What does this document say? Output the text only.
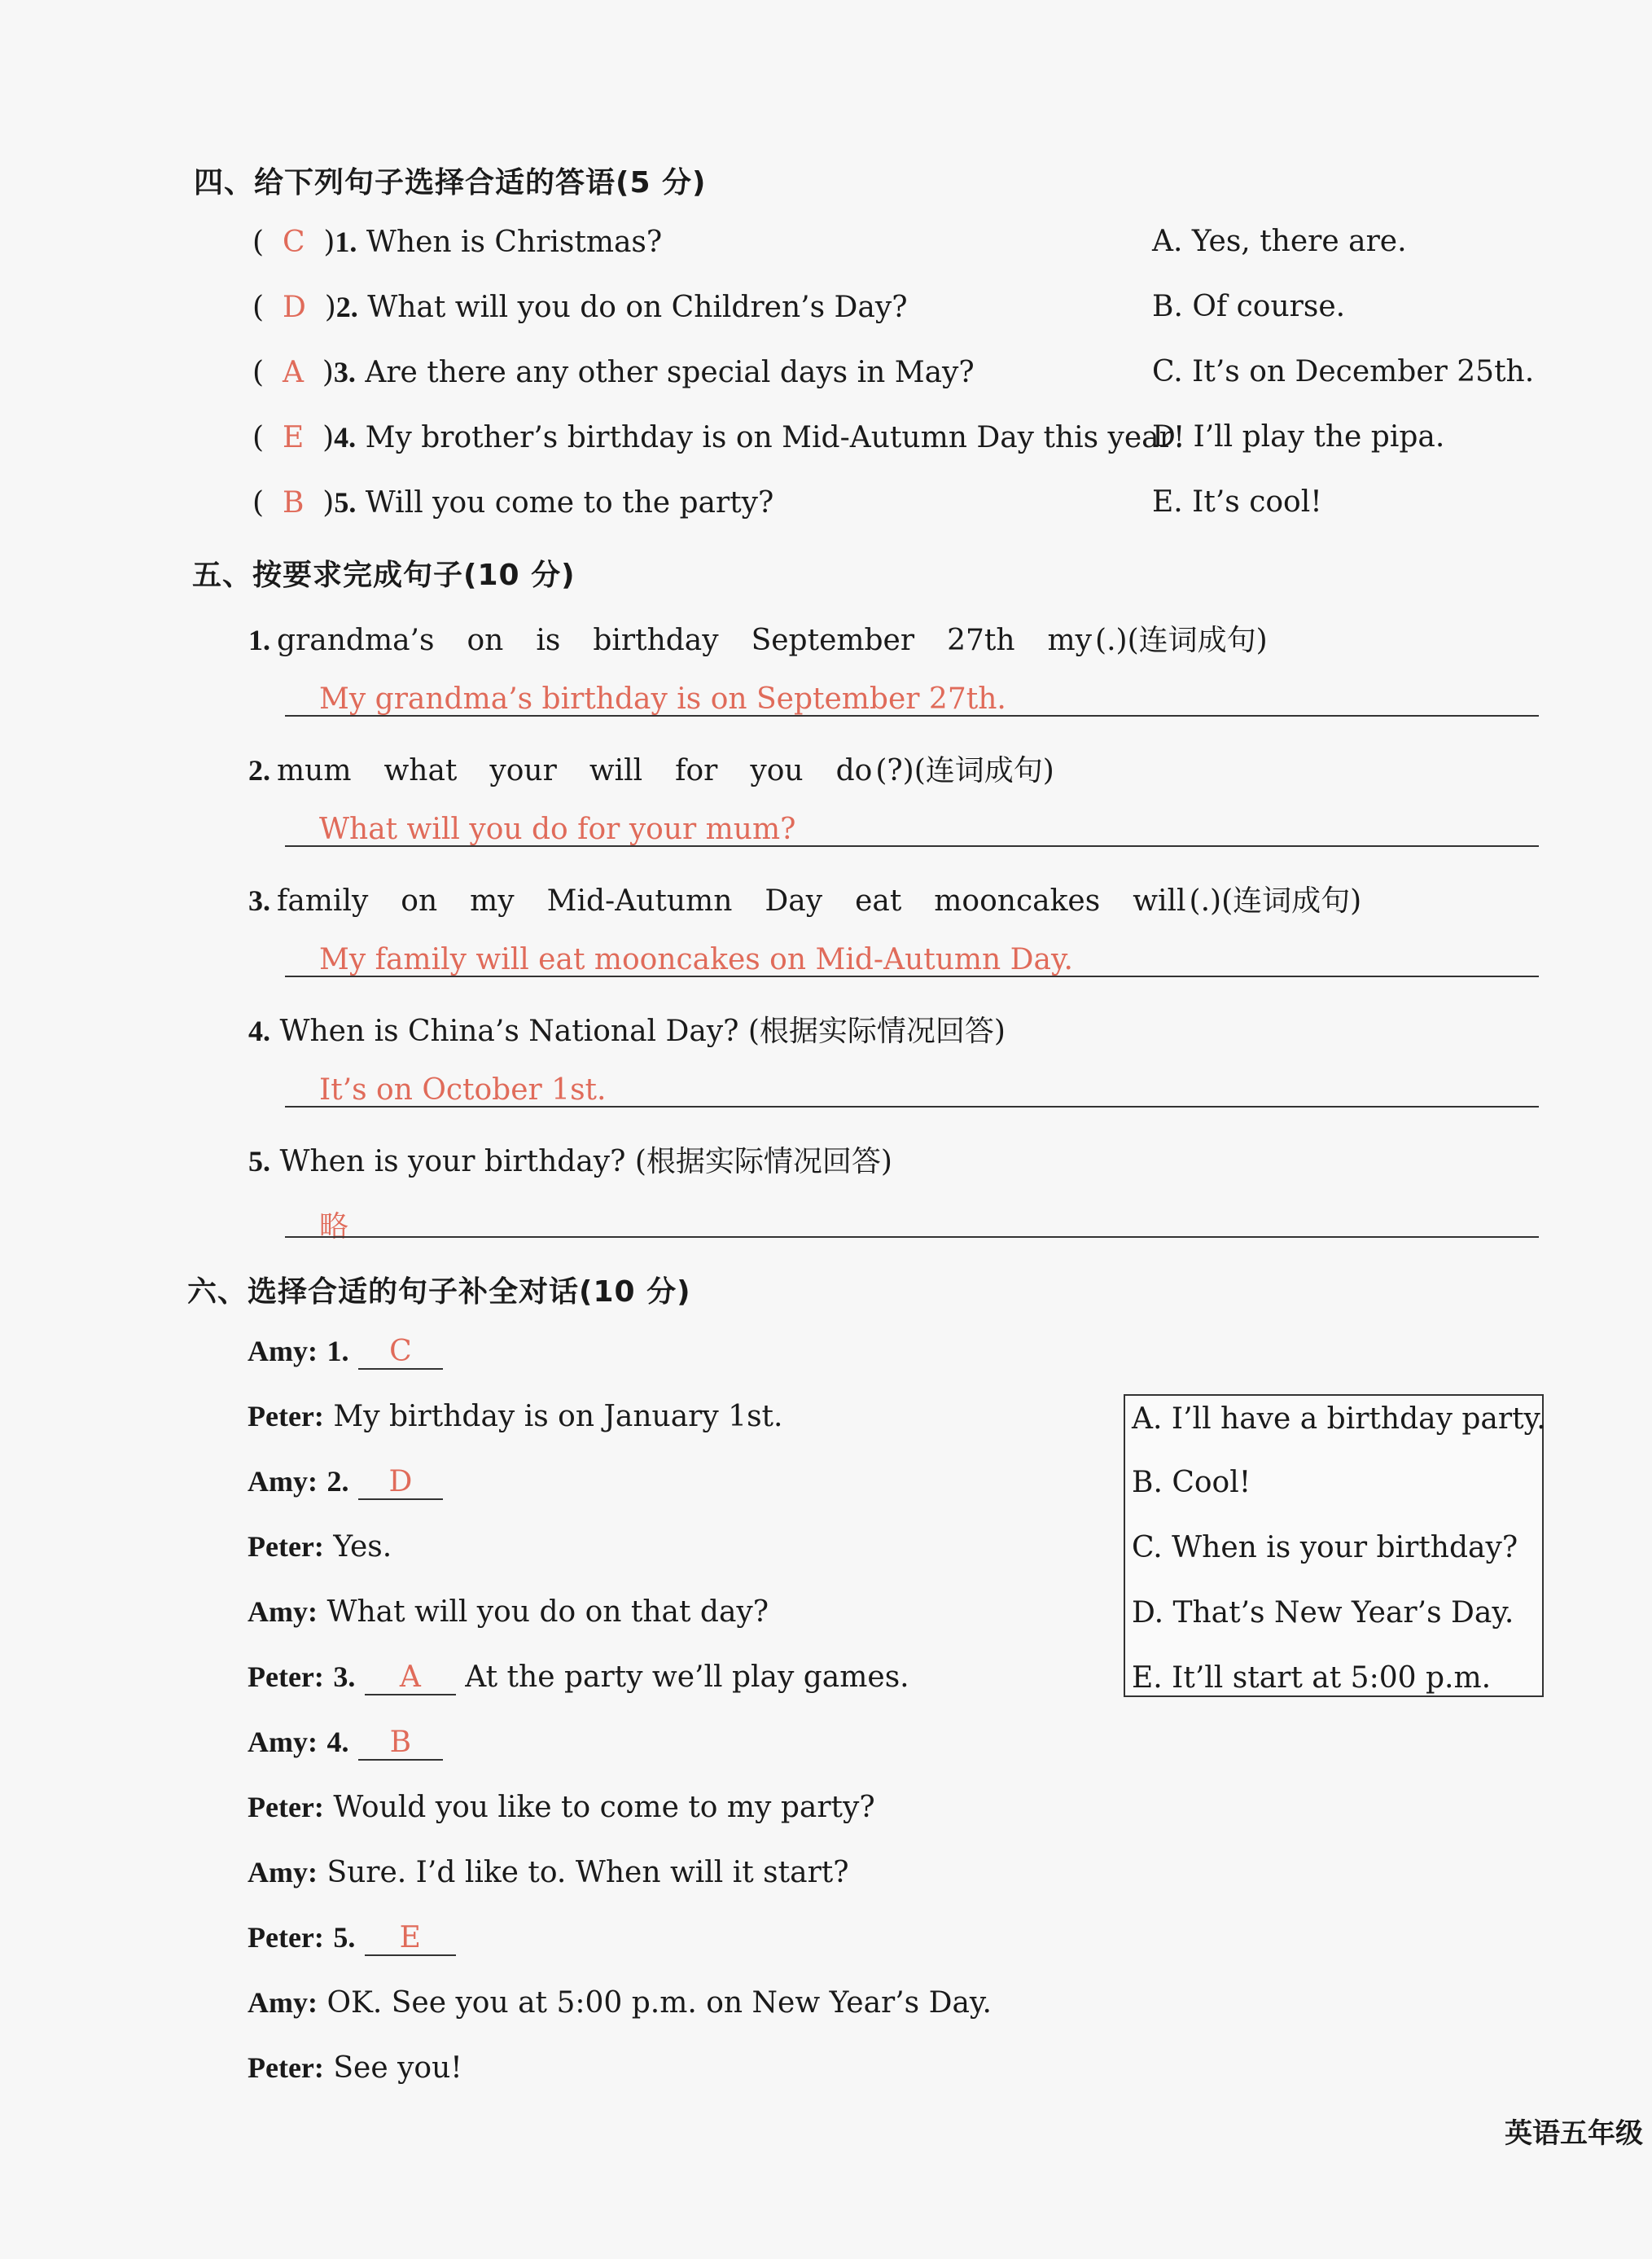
四、给下列句子选择合适的答语(5 分)
(  C  )1. When is Christmas?
(  D  )2. What will you do on Children’s Day?
(  A  )3. Are there any other special days in May?
(  E  )4. My brother’s birthday is on Mid-Autumn Day this year!
(  B  )5. Will you come to the party?
A. Yes, there are.
B. Of course.
C. It’s on December 25th.
D. I’ll play the pipa.
E. It’s cool!
五、按要求完成句子(10 分)
1. grandma’s on is birthday September 27th my (.)(连词成句)
My grandma’s birthday is on September 27th.
2. mum what your will for you do (?)(连词成句)
What will you do for your mum?
3. family on my Mid-Autumn Day eat mooncakes will (.)(连词成句)
My family will eat mooncakes on Mid-Autumn Day.
4. When is China’s National Day? (根据实际情况回答)
It’s on October 1st.
5. When is your birthday? (根据实际情况回答)
略
六、选择合适的句子补全对话(10 分)
Amy: 1. C
Peter: My birthday is on January 1st.
Amy: 2. D
Peter: Yes.
Amy: What will you do on that day?
Peter: 3. A At the party we’ll play games.
Amy: 4. B
Peter: Would you like to come to my party?
Amy: Sure. I’d like to. When will it start?
Peter: 5. E
Amy: OK. See you at 5:00 p.m. on New Year’s Day.
Peter: See you!
A. I’ll have a birthday party.
B. Cool!
C. When is your birthday?
D. That’s New Year’s Day.
E. It’ll start at 5:00 p.m.
英语五年级
